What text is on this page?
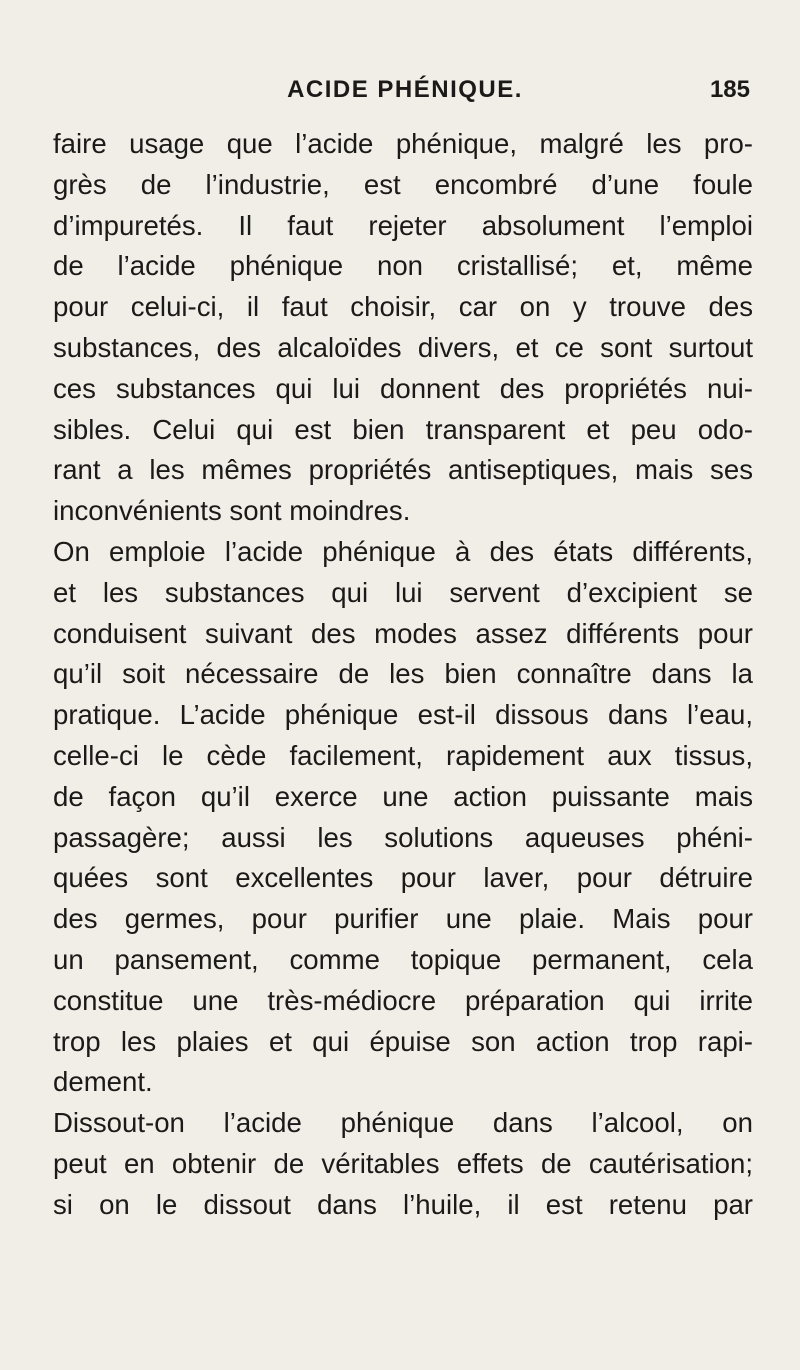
ACIDE PHÉNIQUE.	185
faire usage que l’acide phénique, malgré les pro-
grès de l’industrie, est encombré d’une foule
d’impuretés. Il faut rejeter absolument l’emploi
de l’acide phénique non cristallisé; et, même
pour celui-ci, il faut choisir, car on y trouve des
substances, des alcaloïdes divers, et ce sont surtout
ces substances qui lui donnent des propriétés nui-
sibles. Celui qui est bien transparent et peu odo-
rant a les mêmes propriétés antiseptiques, mais ses
inconvénients sont moindres.
On emploie l’acide phénique à des états différents,
et les substances qui lui servent d’excipient se
conduisent suivant des modes assez différents pour
qu’il soit nécessaire de les bien connaître dans la
pratique. L’acide phénique est-il dissous dans l’eau,
celle-ci le cède facilement, rapidement aux tissus,
de façon qu’il exerce une action puissante mais
passagère; aussi les solutions aqueuses phéni-
quées sont excellentes pour laver, pour détruire
des germes, pour purifier une plaie. Mais pour
un pansement, comme topique permanent, cela
constitue une très-médiocre préparation qui irrite
trop les plaies et qui épuise son action trop rapi-
dement.
Dissout-on l’acide phénique dans l’alcool, on
peut en obtenir de véritables effets de cautérisation;
si on le dissout dans l’huile, il est retenu par
